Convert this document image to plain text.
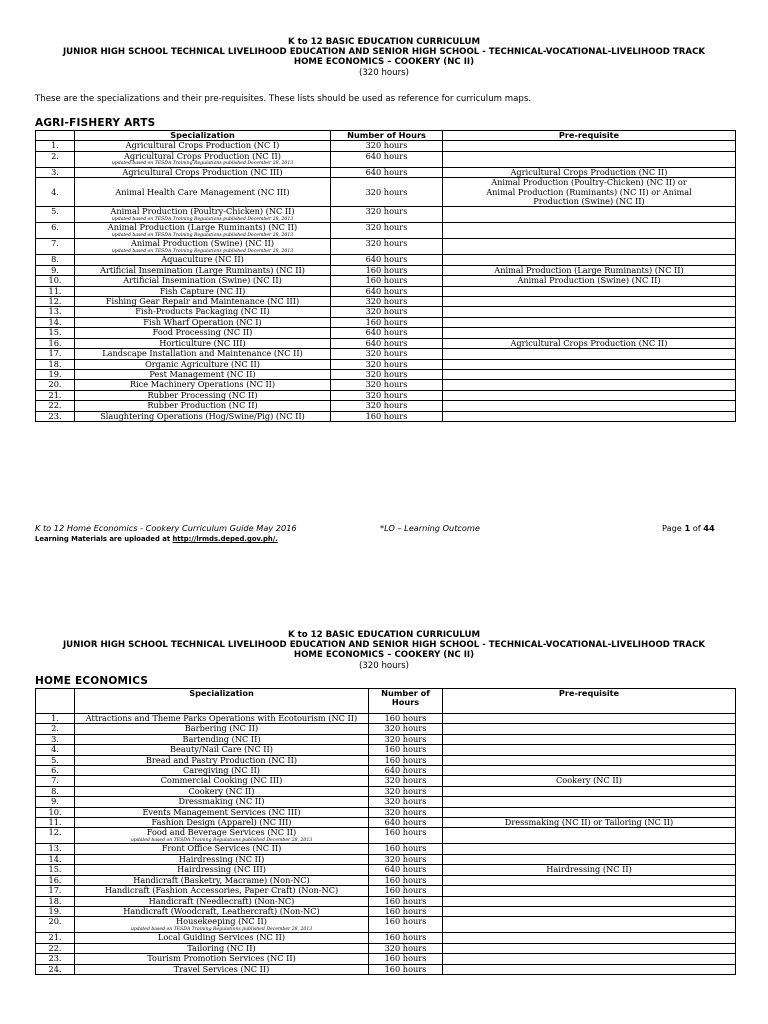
K to 12 BASIC EDUCATION CURRICULUM
JUNIOR HIGH SCHOOL TECHNICAL LIVELIHOOD EDUCATION AND SENIOR HIGH SCHOOL - TECHNICAL-VOCATIONAL-LIVELIHOOD TRACK
HOME ECONOMICS – COOKERY (NC II)
(320 hours)
These are the specializations and their pre-requisites. These lists should be used as reference for curriculum maps.
AGRI-FISHERY ARTS
	Specialization	Number of Hours	Pre-requisite
1.	Agricultural Crops Production (NC I)	320 hours	
2.	Agricultural Crops Production (NC II)
updated based on TESDA Training Regulations published December 28, 2013	640 hours	
3.	Agricultural Crops Production (NC III)	640 hours	Agricultural Crops Production (NC II)
4.	Animal Health Care Management (NC III)	320 hours	Animal Production (Poultry-Chicken) (NC II) or Animal Production (Ruminants) (NC II) or Animal Production (Swine) (NC II)
5.	Animal Production (Poultry-Chicken) (NC II)
updated based on TESDA Training Regulations published December 28, 2013	320 hours	
6.	Animal Production (Large Ruminants) (NC II)
updated based on TESDA Training Regulations published December 28, 2013	320 hours	
7.	Animal Production (Swine) (NC II)
updated based on TESDA Training Regulations published December 28, 2013	320 hours	
8.	Aquaculture (NC II)	640 hours	
9.	Artificial Insemination (Large Ruminants) (NC II)	160 hours	Animal Production (Large Ruminants) (NC II)
10.	Artificial Insemination (Swine) (NC II)	160 hours	Animal Production (Swine) (NC II)
11.	Fish Capture (NC II)	640 hours	
12.	Fishing Gear Repair and Maintenance (NC III)	320 hours	
13.	Fish-Products Packaging (NC II)	320 hours	
14.	Fish Wharf Operation (NC I)	160 hours	
15.	Food Processing (NC II)	640 hours	
16.	Horticulture (NC III)	640 hours	Agricultural Crops Production (NC II)
17.	Landscape Installation and Maintenance (NC II)	320 hours	
18.	Organic Agriculture (NC II)	320 hours	
19.	Pest Management (NC II)	320 hours	
20.	Rice Machinery Operations (NC II)	320 hours	
21.	Rubber Processing (NC II)	320 hours	
22.	Rubber Production (NC II)	320 hours	
23.	Slaughtering Operations (Hog/Swine/Pig) (NC II)	160 hours	
K to 12 Home Economics - Cookery Curriculum Guide May 2016	*LO – Learning Outcome	Page 1 of 44
Learning Materials are uploaded at http://lrmds.deped.gov.ph/.
K to 12 BASIC EDUCATION CURRICULUM
JUNIOR HIGH SCHOOL TECHNICAL LIVELIHOOD EDUCATION AND SENIOR HIGH SCHOOL - TECHNICAL-VOCATIONAL-LIVELIHOOD TRACK
HOME ECONOMICS – COOKERY (NC II)
(320 hours)
HOME ECONOMICS
	Specialization	Number of Hours	Pre-requisite
1.	Attractions and Theme Parks Operations with Ecotourism (NC II)	160 hours	
2.	Barbering (NC II)	320 hours	
3.	Bartending (NC II)	320 hours	
4.	Beauty/Nail Care (NC II)	160 hours	
5.	Bread and Pastry Production (NC II)	160 hours	
6.	Caregiving (NC II)	640 hours	
7.	Commercial Cooking (NC III)	320 hours	Cookery (NC II)
8.	Cookery (NC II)	320 hours	
9.	Dressmaking (NC II)	320 hours	
10.	Events Management Services (NC III)	320 hours	
11.	Fashion Design (Apparel) (NC III)	640 hours	Dressmaking (NC II) or Tailoring (NC II)
12.	Food and Beverage Services (NC II)
updated based on TESDA Training Regulations published December 28, 2013	160 hours	
13.	Front Office Services (NC II)	160 hours	
14.	Hairdressing (NC II)	320 hours	
15.	Hairdressing (NC III)	640 hours	Hairdressing (NC II)
16.	Handicraft (Basketry, Macrame) (Non-NC)	160 hours	
17.	Handicraft (Fashion Accessories, Paper Craft) (Non-NC)	160 hours	
18.	Handicraft (Needlecraft) (Non-NC)	160 hours	
19.	Handicraft (Woodcraft, Leathercraft) (Non-NC)	160 hours	
20.	Housekeeping (NC II)
updated based on TESDA Training Regulations published December 28, 2013	160 hours	
21.	Local Guiding Services (NC II)	160 hours	
22.	Tailoring (NC II)	320 hours	
23.	Tourism Promotion Services (NC II)	160 hours	
24.	Travel Services (NC II)	160 hours	
